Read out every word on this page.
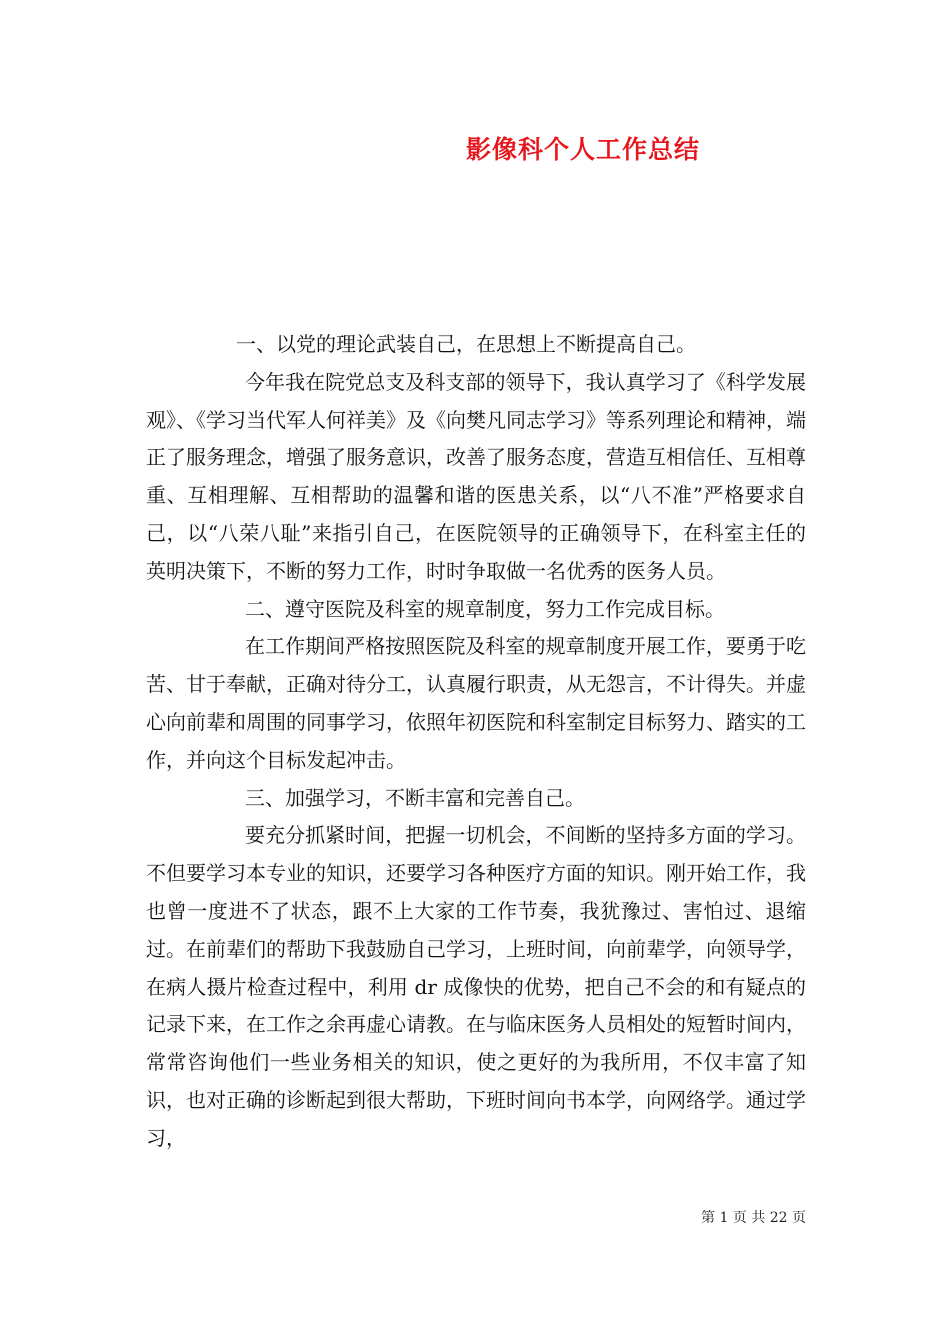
影像科个人工作总结

一、以党的理论武装自己，在思想上不断提高自己。

今年我在院党总支及科支部的领导下，我认真学习了《科学发展观》、《学习当代军人何祥美》及《向樊凡同志学习》等系列理论和精神，端正了服务理念，增强了服务意识，改善了服务态度，营造互相信任、互相尊重、互相理解、互相帮助的温馨和谐的医患关系，以“八不准”严格要求自己，以“八荣八耻”来指引自己，在医院领导的正确领导下，在科室主任的英明决策下，不断的努力工作，时时争取做一名优秀的医务人员。

二、遵守医院及科室的规章制度，努力工作完成目标。

在工作期间严格按照医院及科室的规章制度开展工作，要勇于吃苦、甘于奉献，正确对待分工，认真履行职责，从无怨言，不计得失。并虚心向前辈和周围的同事学习，依照年初医院和科室制定目标努力、踏实的工作，并向这个目标发起冲击。

三、加强学习，不断丰富和完善自己。

要充分抓紧时间，把握一切机会，不间断的坚持多方面的学习。不但要学习本专业的知识，还要学习各种医疗方面的知识。刚开始工作，我也曾一度进不了状态，跟不上大家的工作节奏，我犹豫过、害怕过、退缩过。在前辈们的帮助下我鼓励自己学习，上班时间，向前辈学，向领导学，在病人摄片检查过程中，利用 dr 成像快的优势，把自己不会的和有疑点的记录下来，在工作之余再虚心请教。在与临床医务人员相处的短暂时间内，常常咨询他们一些业务相关的知识，使之更好的为我所用，不仅丰富了知识，也对正确的诊断起到很大帮助，下班时间向书本学，向网络学。通过学习，

第 1 页 共 22 页
